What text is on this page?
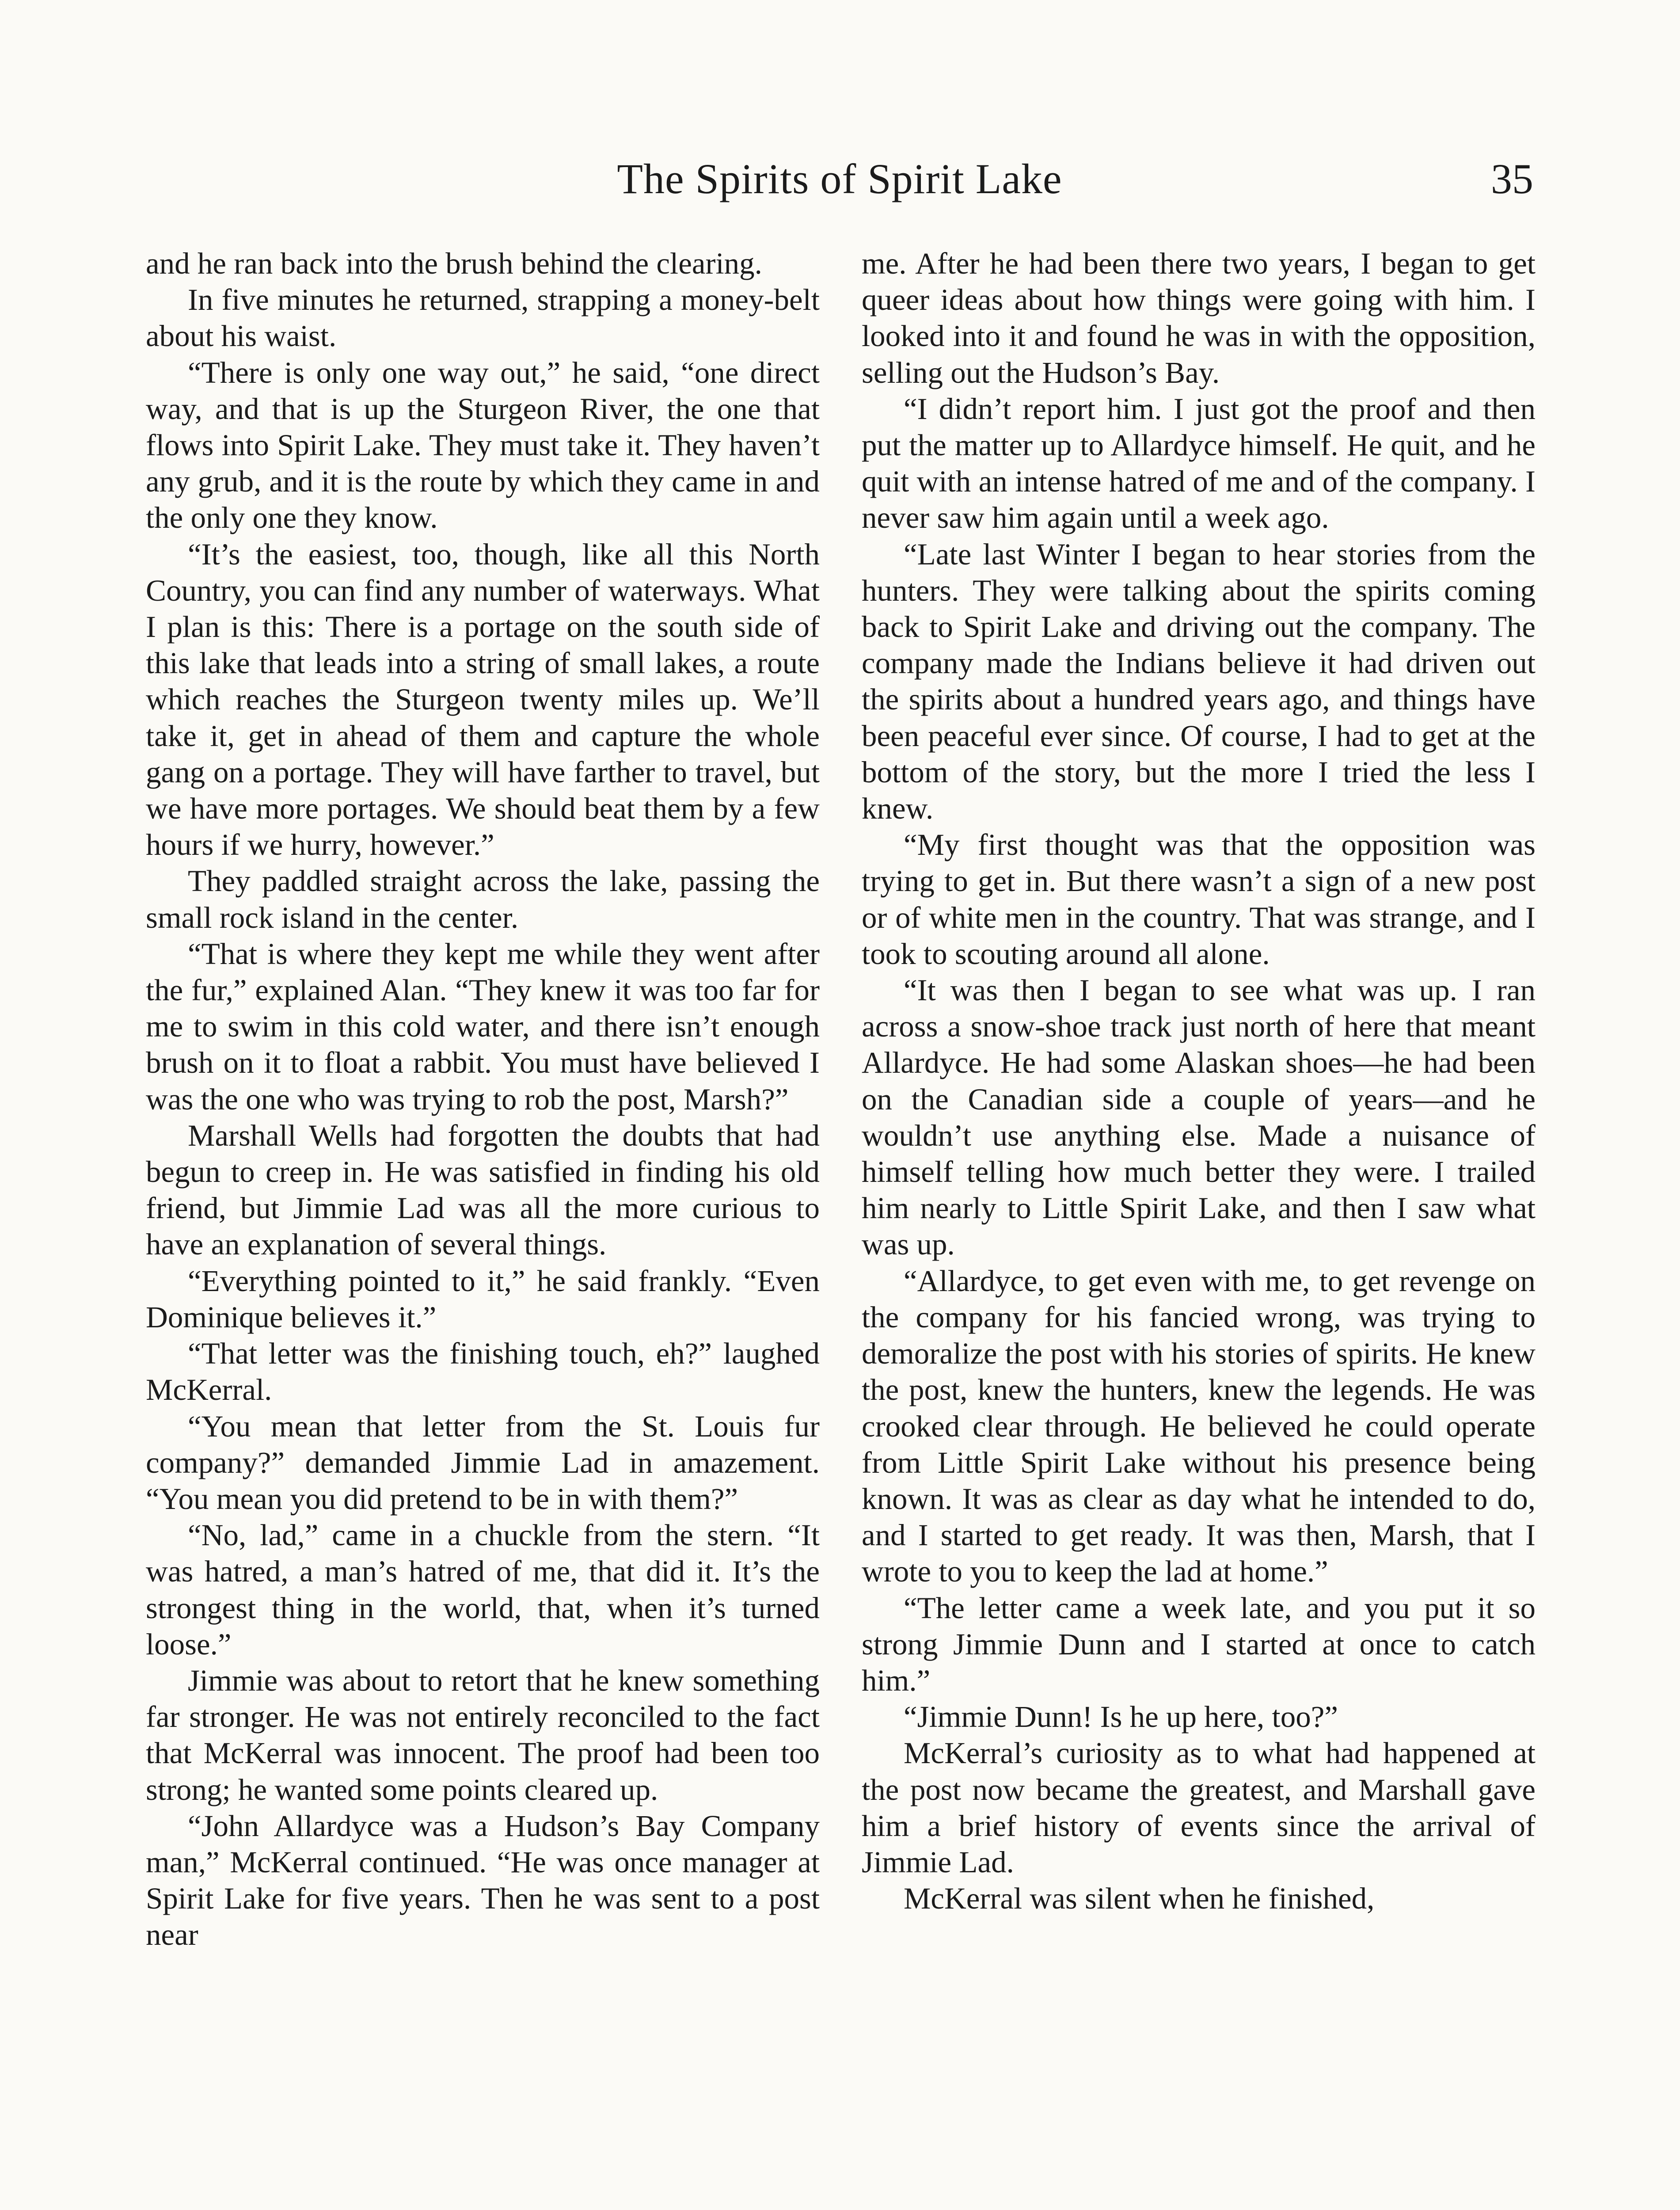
The Spirits of Spirit Lake	35

and he ran back into the brush behind the clearing.

In five minutes he returned, strapping a money-belt about his waist.

“There is only one way out,” he said, “one direct way, and that is up the Sturgeon River, the one that flows into Spirit Lake. They must take it. They haven’t any grub, and it is the route by which they came in and the only one they know.

“It’s the easiest, too, though, like all this North Country, you can find any number of waterways. What I plan is this: There is a portage on the south side of this lake that leads into a string of small lakes, a route which reaches the Sturgeon twenty miles up. We’ll take it, get in ahead of them and capture the whole gang on a portage. They will have farther to travel, but we have more portages. We should beat them by a few hours if we hurry, however.”

They paddled straight across the lake, passing the small rock island in the center.

“That is where they kept me while they went after the fur,” explained Alan. “They knew it was too far for me to swim in this cold water, and there isn’t enough brush on it to float a rabbit. You must have believed I was the one who was trying to rob the post, Marsh?”

Marshall Wells had forgotten the doubts that had begun to creep in. He was satisfied in finding his old friend, but Jimmie Lad was all the more curious to have an explanation of several things.

“Everything pointed to it,” he said frankly. “Even Dominique believes it.”

“That letter was the finishing touch, eh?” laughed McKerral.

“You mean that letter from the St. Louis fur company?” demanded Jimmie Lad in amazement. “You mean you did pretend to be in with them?”

“No, lad,” came in a chuckle from the stern. “It was hatred, a man’s hatred of me, that did it. It’s the strongest thing in the world, that, when it’s turned loose.”

Jimmie was about to retort that he knew something far stronger. He was not entirely reconciled to the fact that McKerral was innocent. The proof had been too strong; he wanted some points cleared up.

“John Allardyce was a Hudson’s Bay Company man,” McKerral continued. “He was once manager at Spirit Lake for five years. Then he was sent to a post near

me. After he had been there two years, I began to get queer ideas about how things were going with him. I looked into it and found he was in with the opposition, selling out the Hudson’s Bay.

“I didn’t report him. I just got the proof and then put the matter up to Allardyce himself. He quit, and he quit with an intense hatred of me and of the company. I never saw him again until a week ago.

“Late last Winter I began to hear stories from the hunters. They were talking about the spirits coming back to Spirit Lake and driving out the company. The company made the Indians believe it had driven out the spirits about a hundred years ago, and things have been peaceful ever since. Of course, I had to get at the bottom of the story, but the more I tried the less I knew.

“My first thought was that the opposition was trying to get in. But there wasn’t a sign of a new post or of white men in the country. That was strange, and I took to scouting around all alone.

“It was then I began to see what was up. I ran across a snow-shoe track just north of here that meant Allardyce. He had some Alaskan shoes—he had been on the Canadian side a couple of years—and he wouldn’t use anything else. Made a nuisance of himself telling how much better they were. I trailed him nearly to Little Spirit Lake, and then I saw what was up.

“Allardyce, to get even with me, to get revenge on the company for his fancied wrong, was trying to demoralize the post with his stories of spirits. He knew the post, knew the hunters, knew the legends. He was crooked clear through. He believed he could operate from Little Spirit Lake without his presence being known. It was as clear as day what he intended to do, and I started to get ready. It was then, Marsh, that I wrote to you to keep the lad at home.”

“The letter came a week late, and you put it so strong Jimmie Dunn and I started at once to catch him.”

“Jimmie Dunn! Is he up here, too?”

McKerral’s curiosity as to what had happened at the post now became the greatest, and Marshall gave him a brief history of events since the arrival of Jimmie Lad.

McKerral was silent when he finished,
